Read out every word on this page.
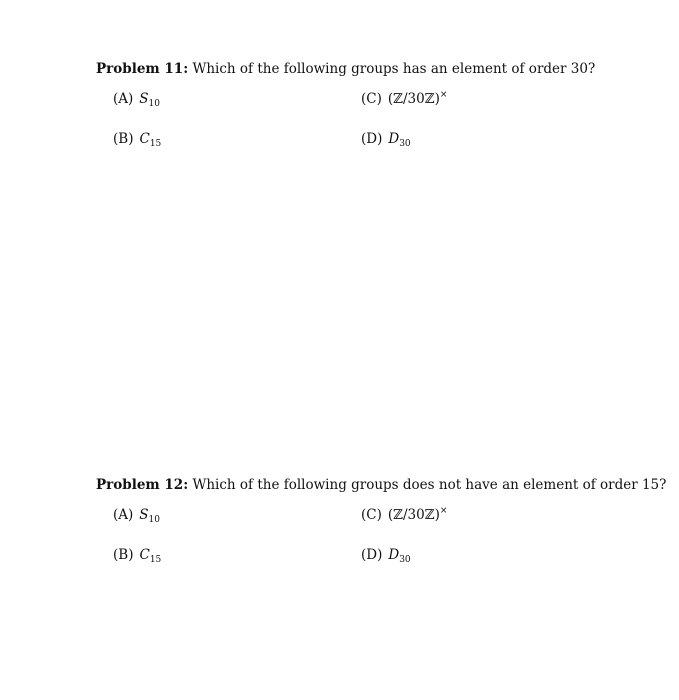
Problem 11: Which of the following groups has an element of order 30?
(A) $S_{10}$	(C) (ℤ/30ℤ)×
(B) $C_{15}$	(D) $D_{30}$
Problem 12: Which of the following groups does not have an element of order 15?
(A) $S_{10}$	(C) (ℤ/30ℤ)×
(B) $C_{15}$	(D) $D_{30}$
